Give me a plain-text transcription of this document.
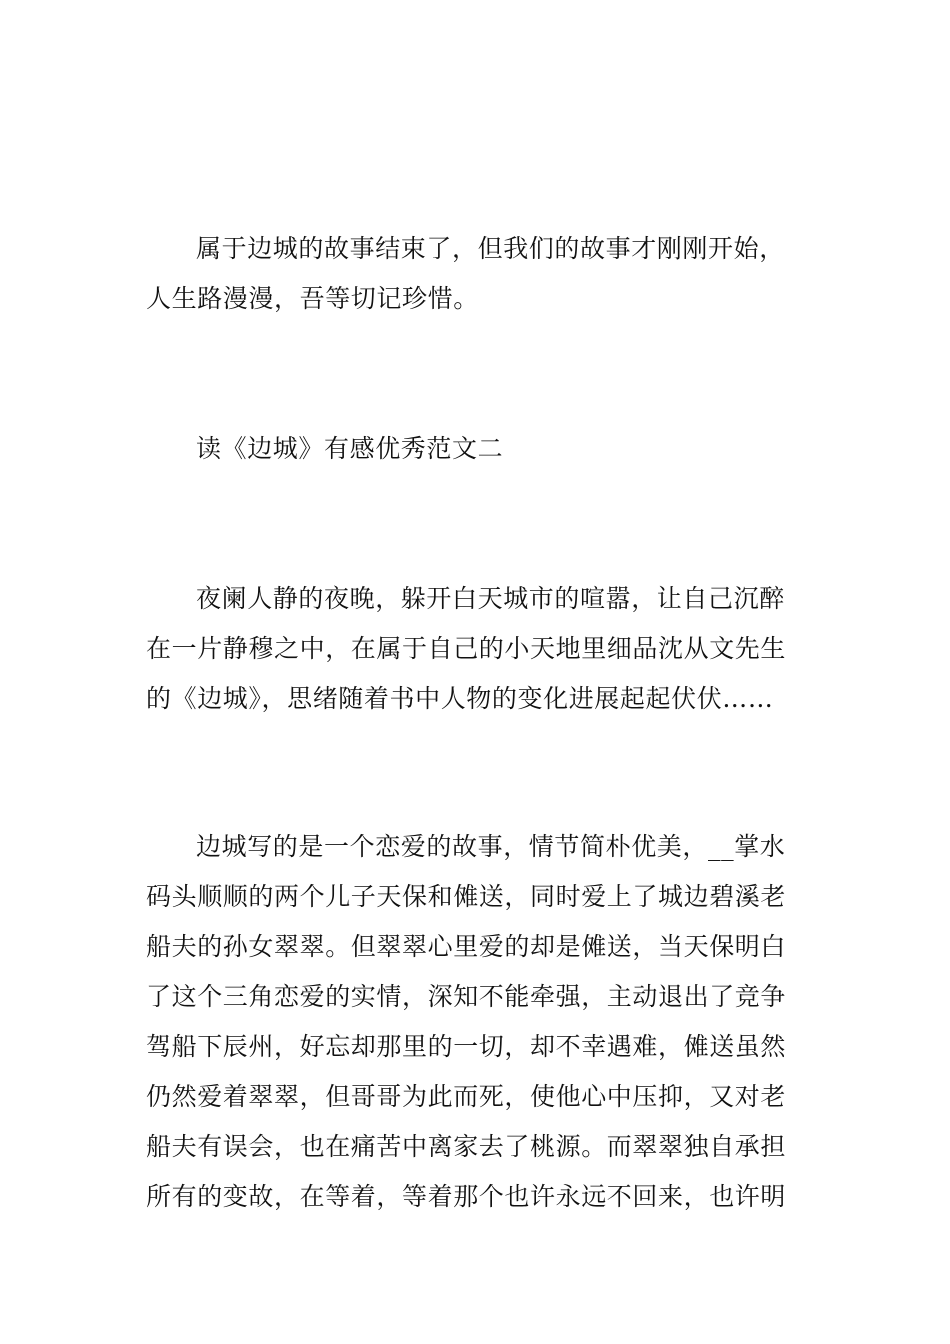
属于边城的故事结束了，但我们的故事才刚刚开始，
人生路漫漫，吾等切记珍惜。
读《边城》有感优秀范文二
夜阑人静的夜晚，躲开白天城市的喧嚣，让自己沉醉
在一片静穆之中，在属于自己的小天地里细品沈从文先生
的《边城》，思绪随着书中人物的变化进展起起伏伏……
边城写的是一个恋爱的故事，情节简朴优美，__掌水
码头顺顺的两个儿子天保和傩送，同时爱上了城边碧溪老
船夫的孙女翠翠。但翠翠心里爱的却是傩送，当天保明白
了这个三角恋爱的实情，深知不能牵强，主动退出了竞争
驾船下辰州，好忘却那里的一切，却不幸遇难，傩送虽然
仍然爱着翠翠，但哥哥为此而死，使他心中压抑，又对老
船夫有误会，也在痛苦中离家去了桃源。而翠翠独自承担
所有的变故，在等着，等着那个也许永远不回来，也许明
